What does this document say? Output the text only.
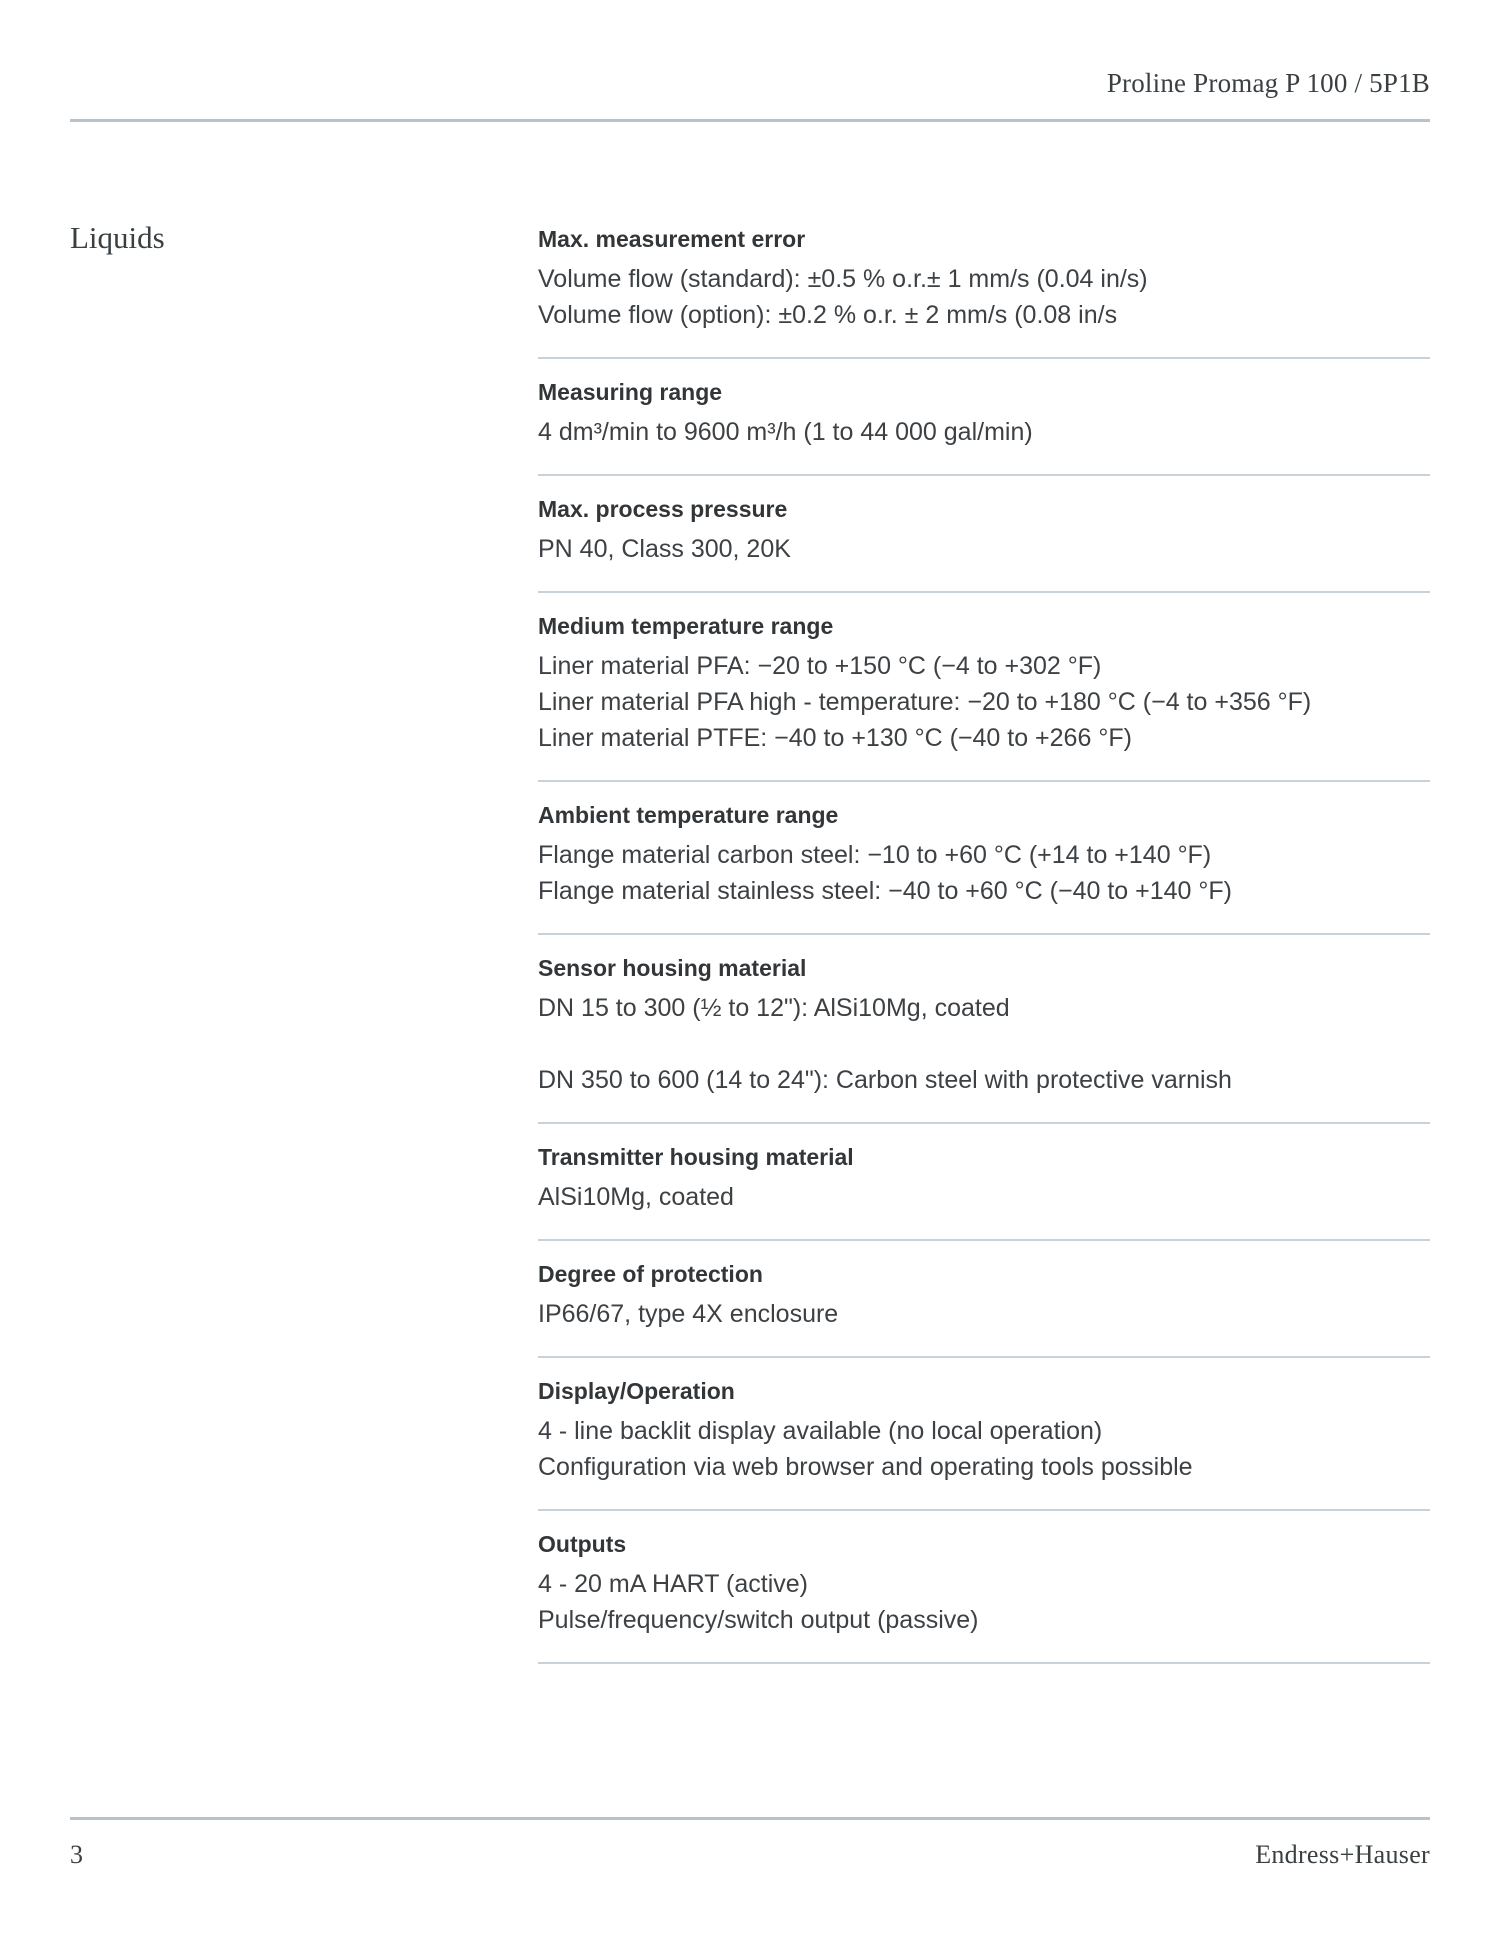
Proline Promag P 100 / 5P1B
Liquids	Max. measurement error

Volume flow (standard): ±0.5 % o.r.± 1 mm/s (0.04 in/s)

Volume flow (option): ±0.2 % o.r. ± 2 mm/s (0.08 in/s

Measuring range

4 dm³/min to 9600 m³/h (1 to 44 000 gal/min)

Max. process pressure

PN 40, Class 300, 20K

Medium temperature range

Liner material PFA: −20 to +150 °C (−4 to +302 °F)

Liner material PFA high - temperature: −20 to +180 °C (−4 to +356 °F)

Liner material PTFE: −40 to +130 °C (−40 to +266 °F)

Ambient temperature range

Flange material carbon steel: −10 to +60 °C (+14 to +140 °F)

Flange material stainless steel: −40 to +60 °C (−40 to +140 °F)

Sensor housing material

DN 15 to 300 (½ to 12"): AlSi10Mg, coated

DN 350 to 600 (14 to 24"): Carbon steel with protective varnish

Transmitter housing material

AlSi10Mg, coated

Degree of protection

IP66/67, type 4X enclosure

Display/Operation

4 - line backlit display available (no local operation)

Configuration via web browser and operating tools possible

Outputs

4 - 20 mA HART (active)

Pulse/frequency/switch output (passive)

3	Endress+Hauser
